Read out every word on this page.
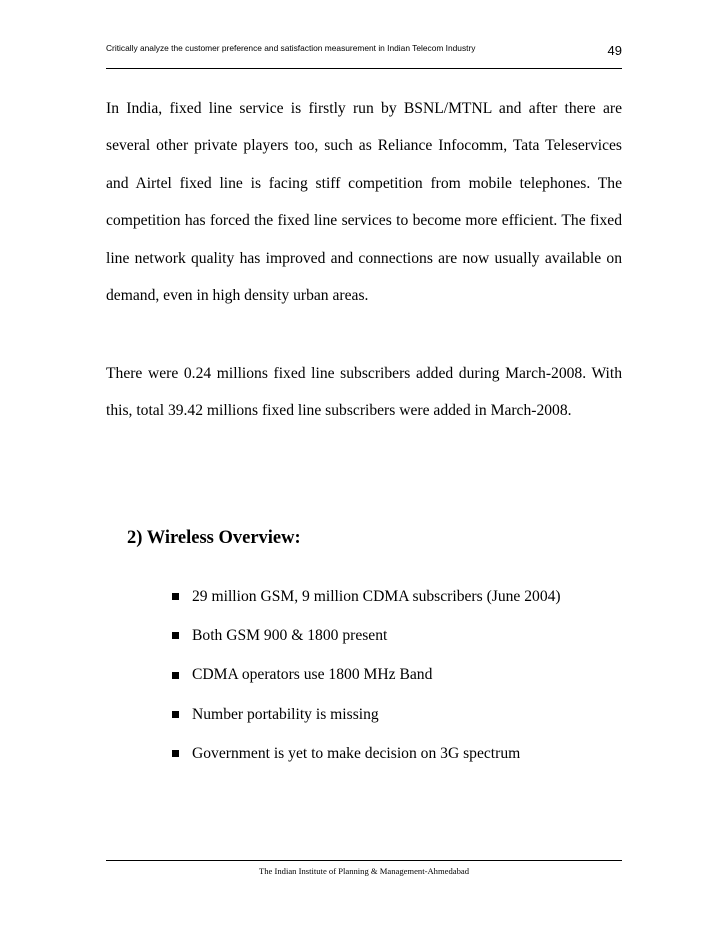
Critically analyze the customer preference and satisfaction measurement in Indian Telecom Industry	49

In India, fixed line service is firstly run by BSNL/MTNL and after there are several other private players too, such as Reliance Infocomm, Tata Teleservices and Airtel fixed line is facing stiff competition from mobile telephones. The competition has forced the fixed line services to become more efficient. The fixed line network quality has improved and connections are now usually available on demand, even in high density urban areas.

There were 0.24 millions fixed line subscribers added during March-2008. With this, total 39.42 millions fixed line subscribers were added in March-2008.

2) Wireless Overview:
29 million GSM, 9 million CDMA subscribers (June 2004)
Both GSM 900 & 1800 present
CDMA operators use 1800 MHz Band
Number portability is missing
Government is yet to make decision on 3G spectrum
The Indian Institute of Planning & Management-Ahmedabad
